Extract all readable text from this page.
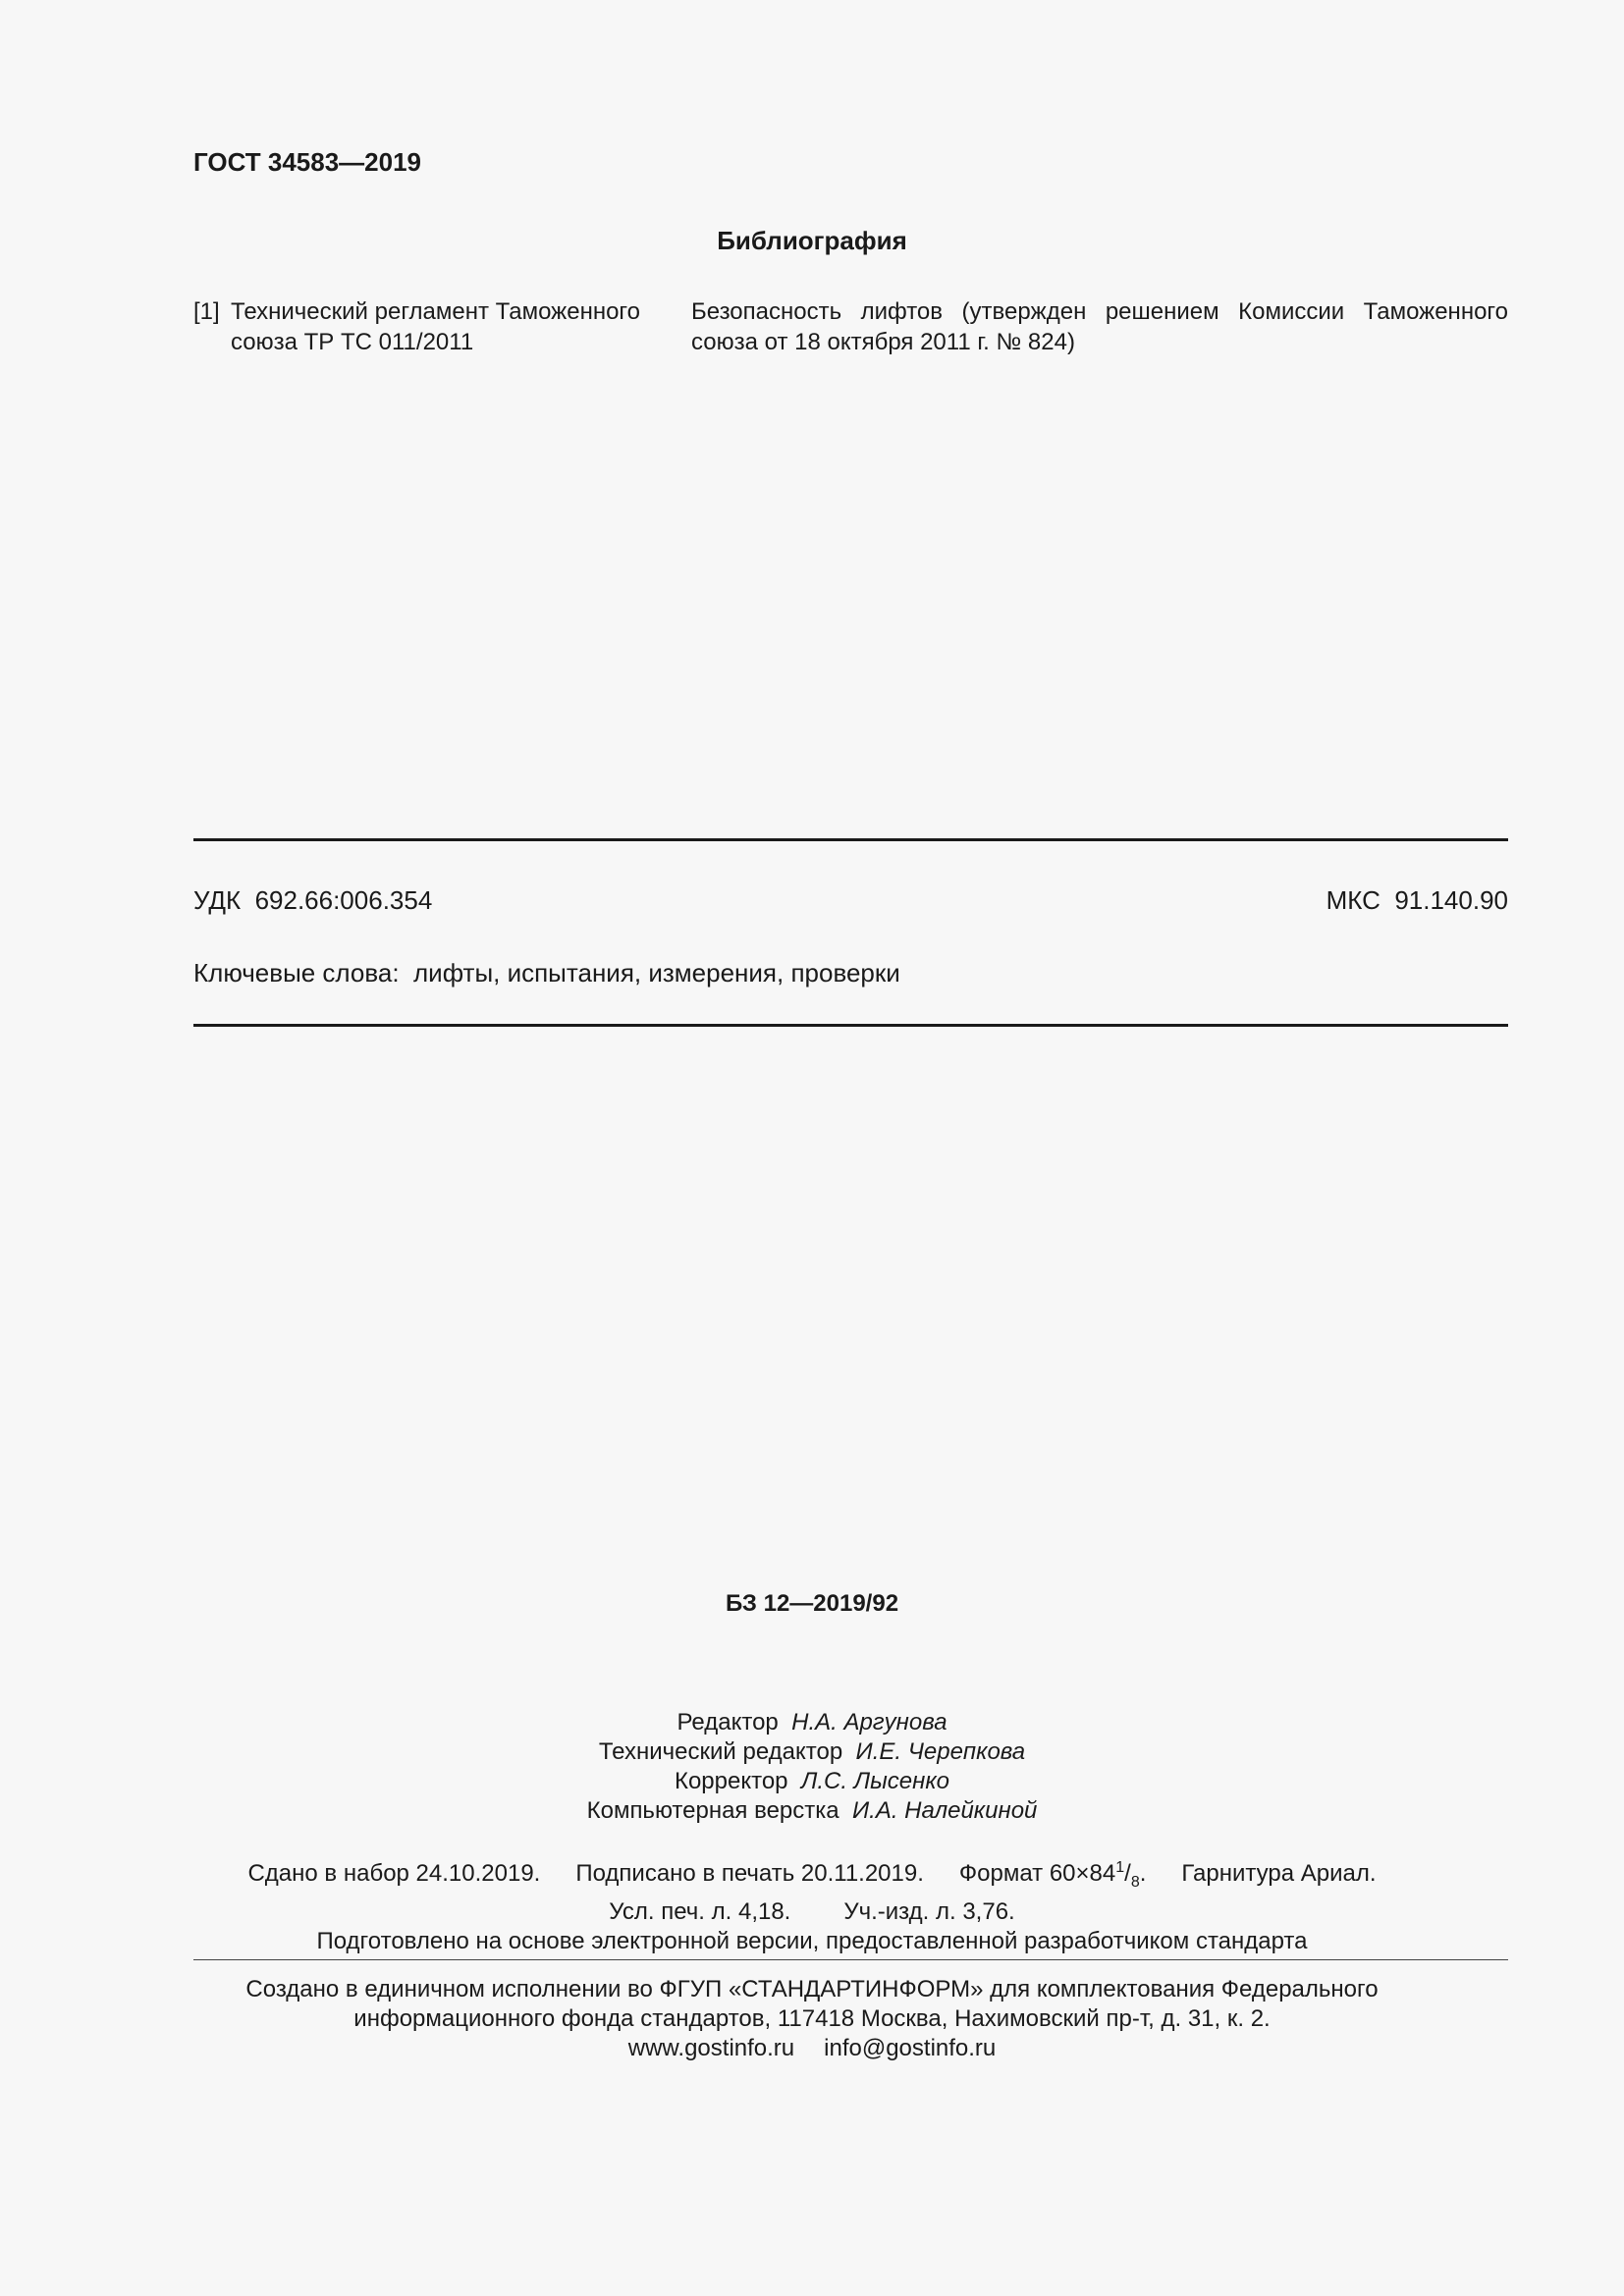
ГОСТ 34583—2019
Библиография
[1] Технический регламент Таможенного
союза ТР ТС 011/2011
Безопасность лифтов (утвержден решением Комиссии Таможенного союза от 18 октября 2011 г. № 824)
УДК 692.66:006.354	МКС 91.140.90
Ключевые слова: лифты, испытания, измерения, проверки
БЗ 12—2019/92
Редактор Н.А. Аргунова
Технический редактор И.Е. Черепкова
Корректор Л.С. Лысенко
Компьютерная верстка И.А. Налейкиной
Сдано в набор 24.10.2019. Подписано в печать 20.11.2019. Формат $60\times 84^1/_8$. Гарнитура Ариал.
Усл. печ. л. 4,18. Уч.-изд. л. 3,76.
Подготовлено на основе электронной версии, предоставленной разработчиком стандарта
Создано в единичном исполнении во ФГУП «СТАНДАРТИНФОРМ» для комплектования Федерального
информационного фонда стандартов, 117418 Москва, Нахимовский пр-т, д. 31, к. 2.
www.gostinfo.ru info@gostinfo.ru
